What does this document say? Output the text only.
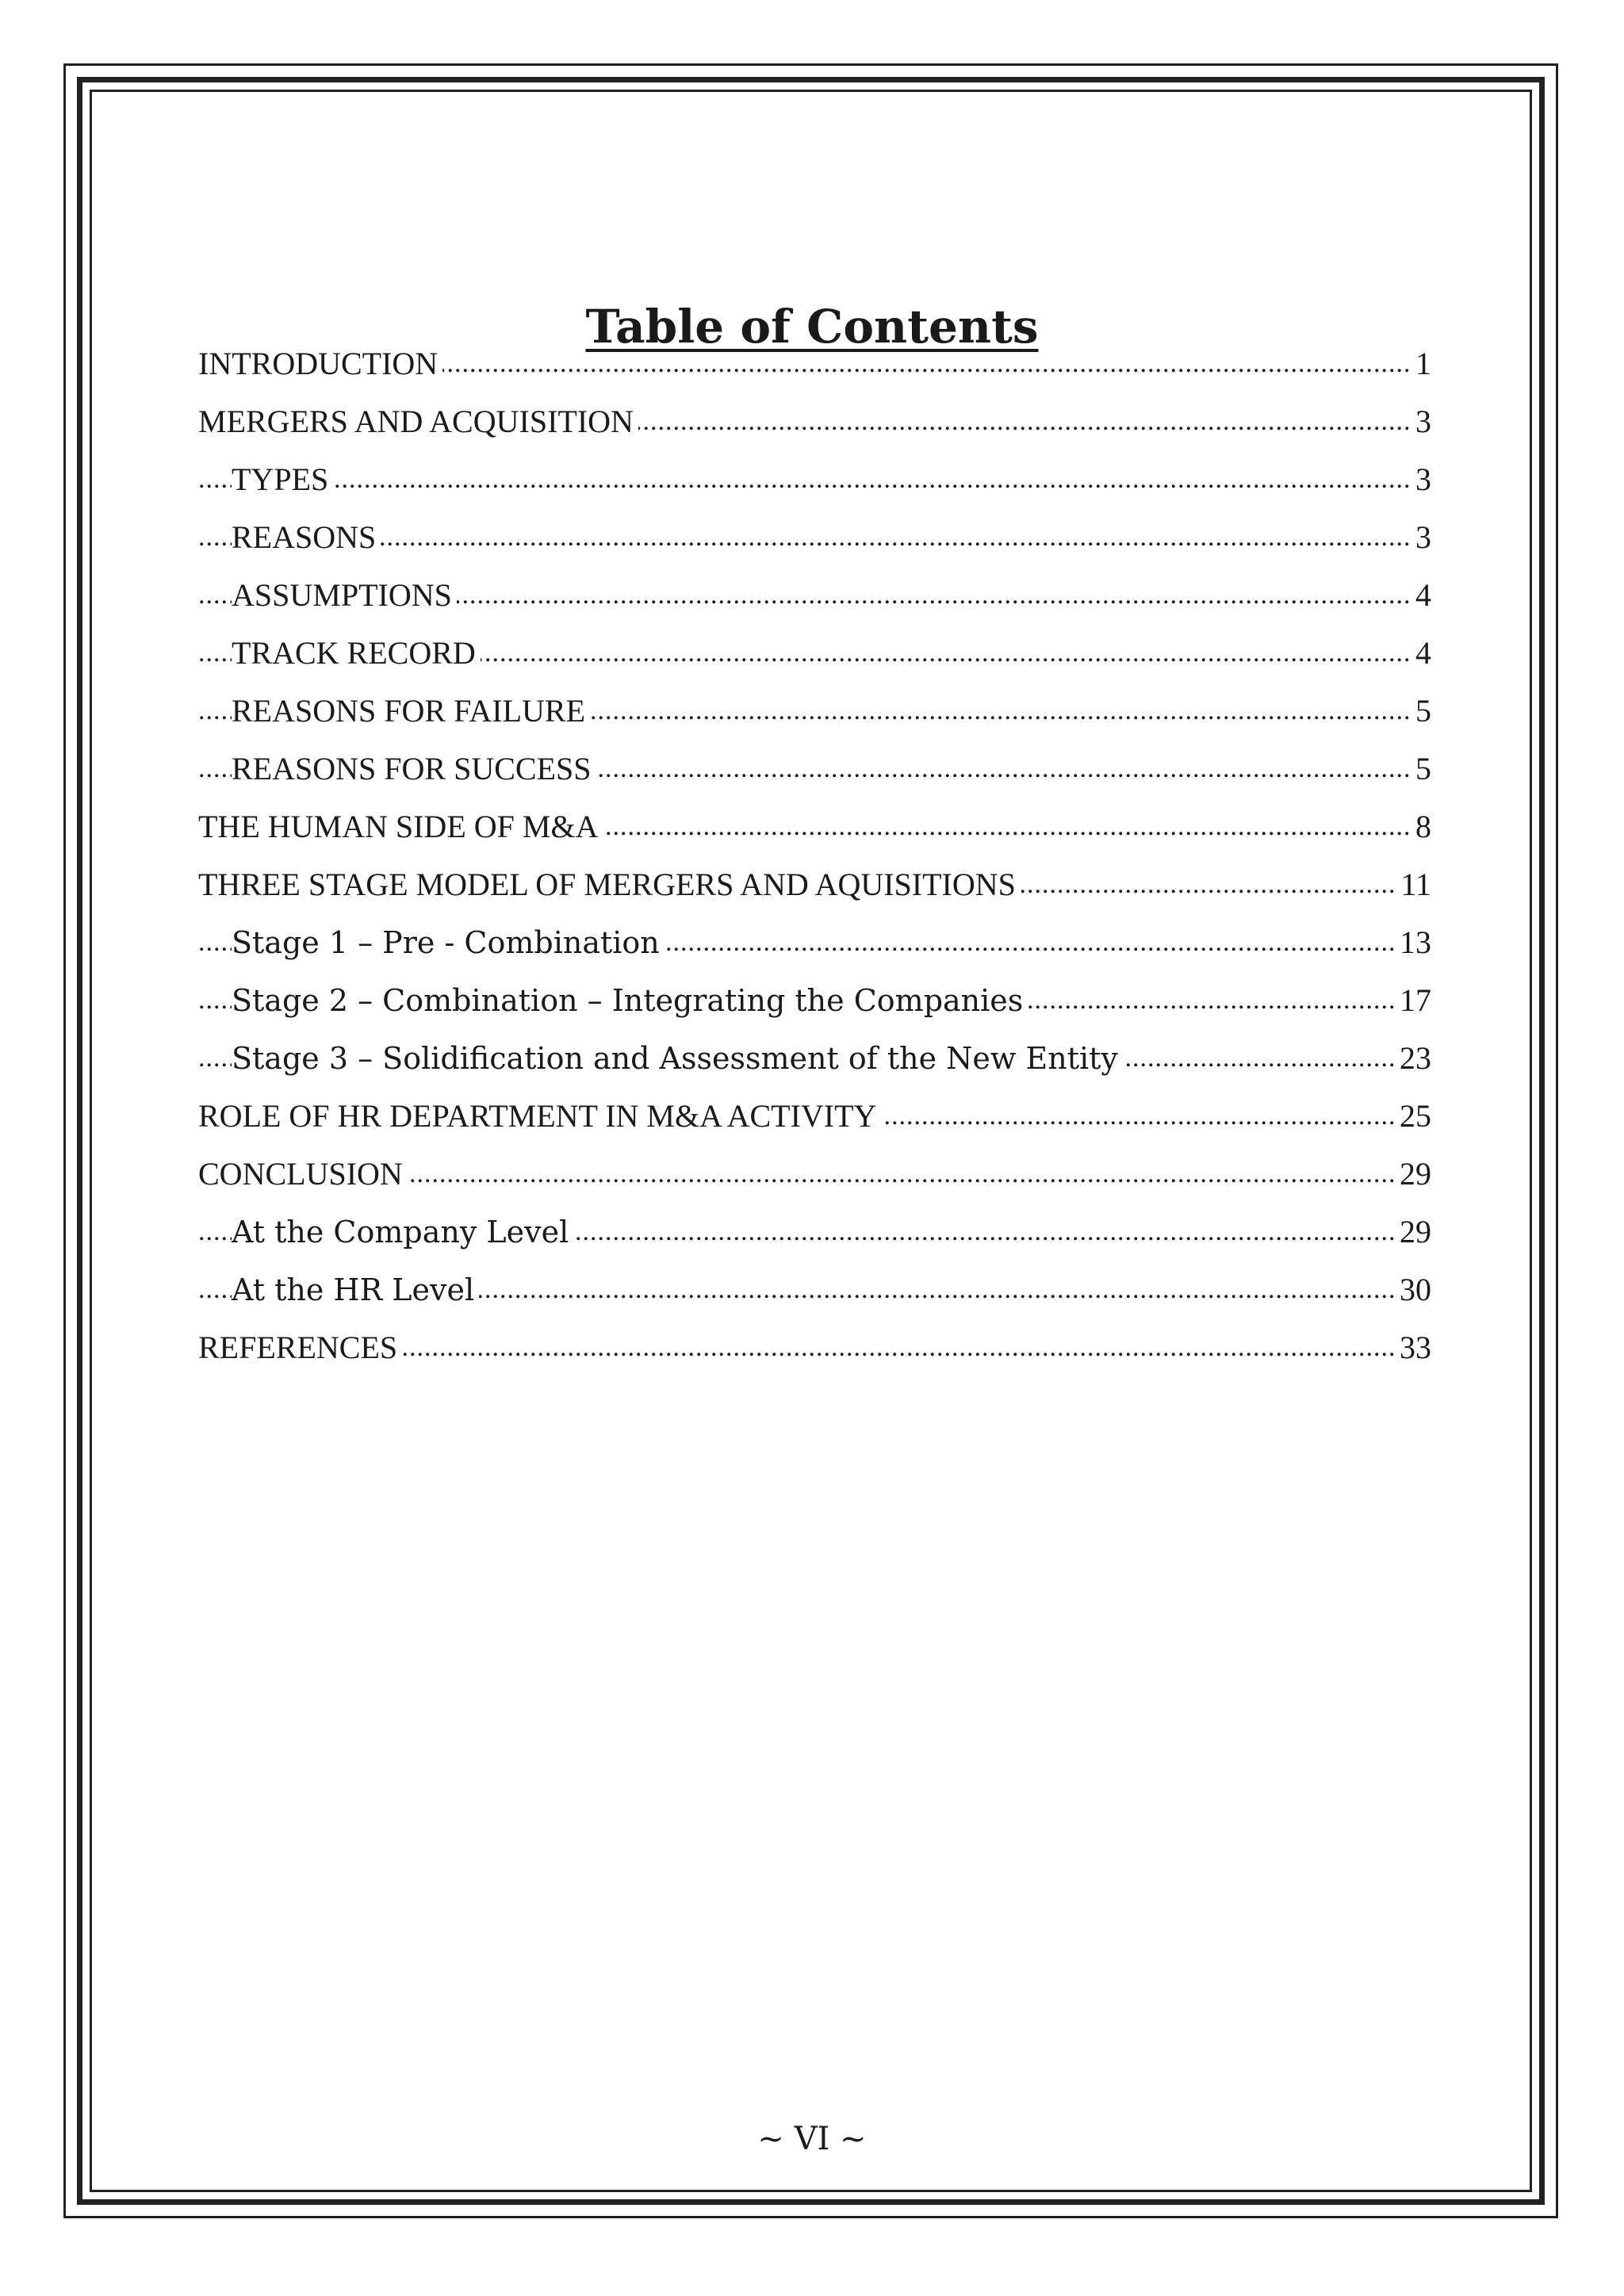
Table of Contents
INTRODUCTION	1
.....
MERGERS AND ACQUISITION	3
.....
TYPES	3
.....
REASONS	3
.....
ASSUMPTIONS	4
.....
TRACK RECORD	4
.....
REASONS FOR FAILURE	5
.....
REASONS FOR SUCCESS	5
.....
THE HUMAN SIDE OF M&A	8
.....
THREE STAGE MODEL OF MERGERS AND AQUISITIONS	11
.....
Stage 1 – Pre - Combination	13
.....
Stage 2 – Combination – Integrating the Companies	17
.....
Stage 3 – Solidification and Assessment of the New Entity	23
.....
ROLE OF HR DEPARTMENT IN M&A ACTIVITY	25
.....
CONCLUSION	29
.....
At the Company Level	29
.....
At the HR Level	30
.....
REFERENCES	33
.....
~ VI ~
